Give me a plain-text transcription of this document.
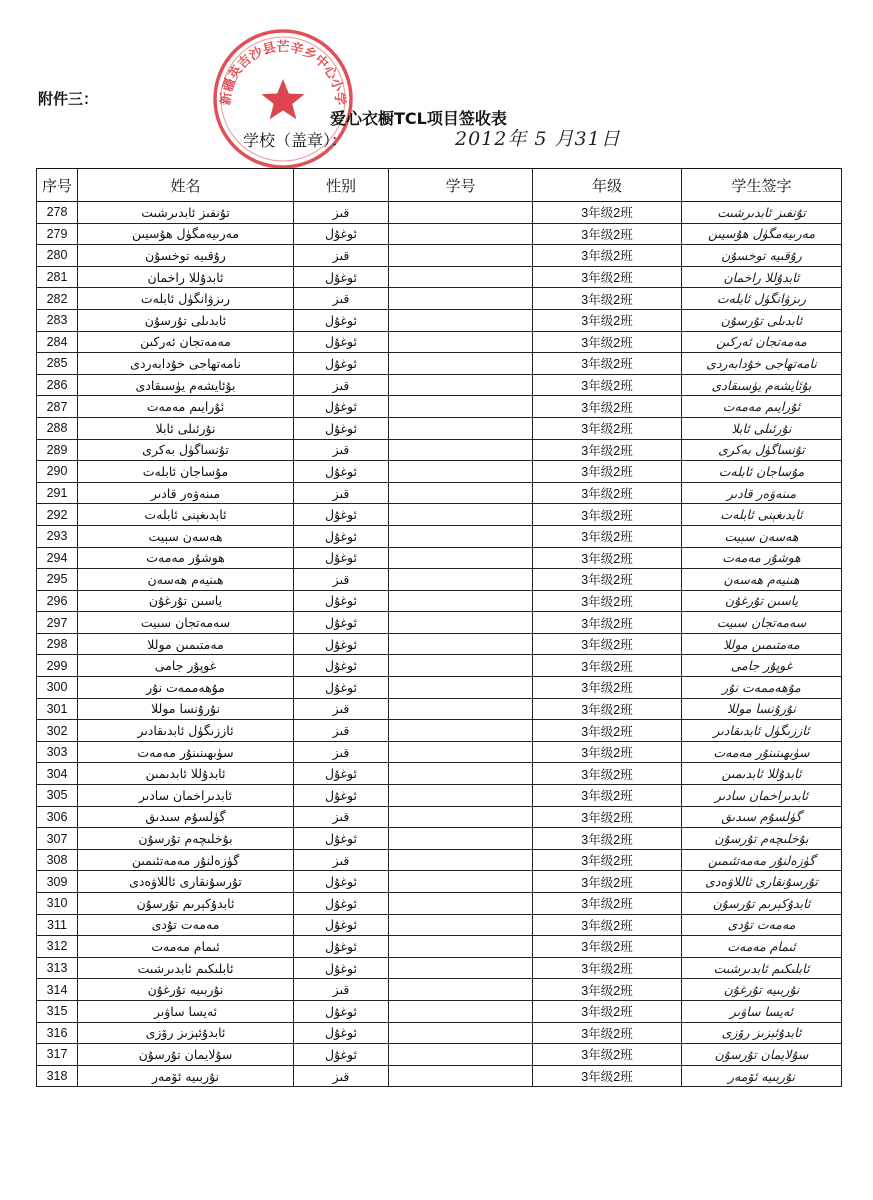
附件三：	新疆英吉沙县芒辛乡中心小学
爱心衣橱TCL项目签收表
学校（盖章）：	2012年 5 月31日
序号	姓名	性别	学号	年级	学生签字
278	تۇنفىز ئابدىرشىت	قىز		3年级2班	تۇنفىز ئابدىرشىت
279	مەرىيەمگۈل ھۇسيىن	ئوغۇل		3年级2班	مەرىيەمگۈل ھۇسيىن
280	رۇقىيە توخسۇن	قىز		3年级2班	رۇقىيە توخسۇن
281	ئابدۇللا راخمان	ئوغۇل		3年级2班	ئابدۇللا راخمان
282	رىزۋانگۈل ئابلەت	قىز		3年级2班	رىزۋانگۈل ئابلەت
283	ئابدىلى تۇرسۇن	ئوغۇل		3年级2班	ئابدىلى تۇرسۇن
284	مەمەتجان ئەركىن	ئوغۇل		3年级2班	مەمەتجان ئەركىن
285	نامەتھاجى خۇدابەردى	ئوغۇل		3年级2班	نامەتھاجى خۇدابەردى
286	بۇئايشەم يۈسىقادى	قىز		3年级2班	بۇئايشەم يۈسىقادى
287	ئۇرايىم مەمەت	ئوغۇل		3年级2班	ئۇرايىم مەمەت
288	نۇرئىلى ئابلا	ئوغۇل		3年级2班	نۇرئىلى ئابلا
289	تۇنساگۈل بەكرى	قىز		3年级2班	تۇنساگۈل بەكرى
290	مۇساجان ئابلەت	ئوغۇل		3年级2班	مۇساجان ئابلەت
291	مىنەۋەر قادىر	قىز		3年级2班	مىنەۋەر قادىر
292	ئابدىغېنى ئابلەت	ئوغۇل		3年级2班	ئابدىغېنى ئابلەت
293	ھەسەن سېيت	ئوغۇل		3年级2班	ھەسەن سېيت
294	ھوشۇر مەمەت	ئوغۇل		3年级2班	ھوشۇر مەمەت
295	ھىنيەم ھەسەن	قىز		3年级2班	ھىنيەم ھەسەن
296	ياسىن تۇرغۇن	ئوغۇل		3年级2班	ياسىن تۇرغۇن
297	سەمەتجان سىيت	ئوغۇل		3年级2班	سەمەتجان سىيت
298	مەمتىمىن موللا	ئوغۇل		3年级2班	مەمتىمىن موللا
299	غوپۇر جامى	ئوغۇل		3年级2班	غوپۇر جامى
300	مۇھەممەت نۇر	ئوغۇل		3年级2班	مۇھەممەت نۇر
301	نۇرۇنسا موللا	قىز		3年级2班	نۇرۇنسا موللا
302	ئاززىگۈل ئابدىقادىر	قىز		3年级2班	ئاززىگۈل ئابدىقادىر
303	سۈبھىنىنۇر مەمەت	قىز		3年级2班	سۈبھىنىنۇر مەمەت
304	ئابدۇللا ئابدىمىن	ئوغۇل		3年级2班	ئابدۇللا ئابدىمىن
305	ئابدىراخمان سادىر	ئوغۇل		3年级2班	ئابدىراخمان سادىر
306	گۈلسۇم سىدىق	قىز		3年级2班	گۈلسۇم سىدىق
307	بۇخلىچەم تۇرسۇن	ئوغۇل		3年级2班	بۇخلىچەم تۇرسۇن
308	گۈزەلنۇر مەمەتئىمىن	قىز		3年级2班	گۈزەلنۇر مەمەتئىمىن
309	تۇرسۇنقارى ئاللاۋەدى	ئوغۇل		3年级2班	تۇرسۇنقارى ئاللاۋەدى
310	ئابدۇكېرىم تۇرسۇن	ئوغۇل		3年级2班	ئابدۇكېرىم تۇرسۇن
311	مەمەت تۇدى	ئوغۇل		3年级2班	مەمەت تۇدى
312	ئىمام مەمەت	ئوغۇل		3年级2班	ئىمام مەمەت
313	ئابلىكىم ئابدىرشىت	ئوغۇل		3年级2班	ئابلىكىم ئابدىرشىت
314	نۇربىيە تۇرغۇن	قىز		3年级2班	نۇربىيە تۇرغۇن
315	ئەيسا ساۋىر	ئوغۇل		3年级2班	ئەيسا ساۋىر
316	ئابدۇئېزىز رۆزى	ئوغۇل		3年级2班	ئابدۇئېزىز رۆزى
317	سۇلايمان تۇرسۇن	ئوغۇل		3年级2班	سۇلايمان تۇرسۇن
318	نۇربىيە ئۆمەر	قىز		3年级2班	نۇربىيە ئۆمەر
